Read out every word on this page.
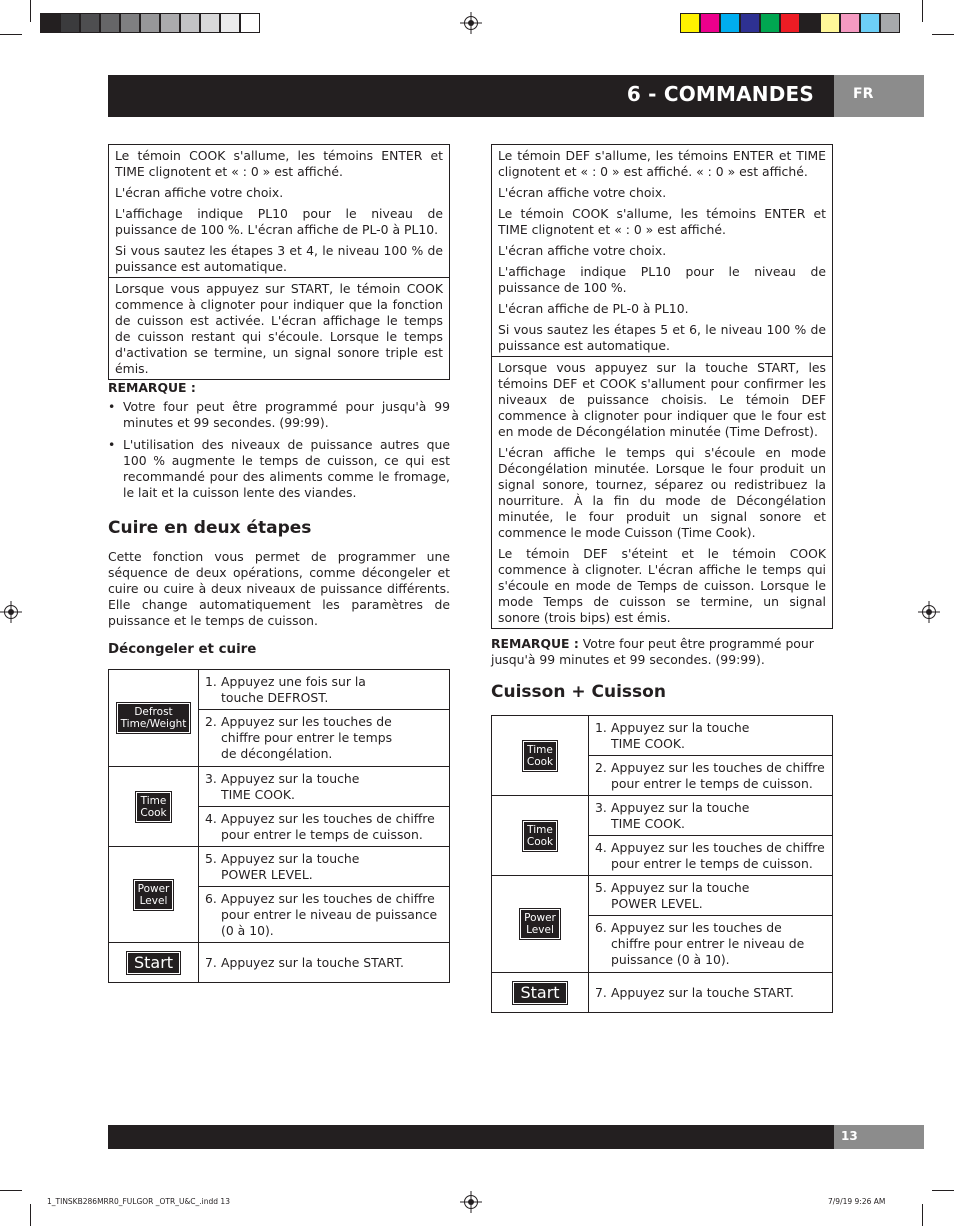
6 - COMMANDES	FR

Le témoin COOK s'allume, les témoins ENTER et TIME clignotent et « : 0 » est affiché.

L'écran affiche votre choix.

L'affichage indique PL10 pour le niveau de puissance de 100 %. L'écran affiche de PL-0 à PL10.

Si vous sautez les étapes 3 et 4, le niveau 100 % de puissance est automatique.

Lorsque vous appuyez sur START, le témoin COOK commence à clignoter pour indiquer que la fonction de cuisson est activée. L'écran affichage le temps de cuisson restant qui s'écoule. Lorsque le temps d'activation se termine, un signal sonore triple est émis.

REMARQUE :
• Votre four peut être programmé pour jusqu'à 99 minutes et 99 secondes. (99:99).
• L'utilisation des niveaux de puissance autres que 100 % augmente le temps de cuisson, ce qui est recommandé pour des aliments comme le fromage, le lait et la cuisson lente des viandes.
Cuire en deux étapes
Cette fonction vous permet de programmer une séquence de deux opérations, comme décongeler et cuire ou cuire à deux niveaux de puissance différents. Elle change automatiquement les paramètres de puissance et le temps de cuisson.
Décongeler et cuire
Defrost
Time/Weight	1. Appuyez une fois sur la touche DEFROST.

	2. Appuyez sur les touches de chiffre pour entrer le temps de décongélation.

Time
Cook	3. Appuyez sur la touche TIME COOK.

	4. Appuyez sur les touches de chiffre pour entrer le temps de cuisson.

Power
Level	5. Appuyez sur la touche POWER LEVEL.

	6. Appuyez sur les touches de chiffre pour entrer le niveau de puissance (0 à 10).

Start	7. Appuyez sur la touche START.

Le témoin DEF s'allume, les témoins ENTER et TIME clignotent et « : 0 » est affiché. « : 0 » est affiché.

L'écran affiche votre choix.

Le témoin COOK s'allume, les témoins ENTER et TIME clignotent et « : 0 » est affiché.

L'écran affiche votre choix.

L'affichage indique PL10 pour le niveau de puissance de 100 %.

L'écran affiche de PL-0 à PL10.

Si vous sautez les étapes 5 et 6, le niveau 100 % de puissance est automatique.

Lorsque vous appuyez sur la touche START, les témoins DEF et COOK s'allument pour confirmer les niveaux de puissance choisis. Le témoin DEF commence à clignoter pour indiquer que le four est en mode de Décongélation minutée (Time Defrost).

L'écran affiche le temps qui s'écoule en mode Décongélation minutée. Lorsque le four produit un signal sonore, tournez, séparez ou redistribuez la nourriture. À la fin du mode de Décongélation minutée, le four produit un signal sonore et commence le mode Cuisson (Time Cook).

Le témoin DEF s'éteint et le témoin COOK commence à clignoter. L'écran affiche le temps qui s'écoule en mode de Temps de cuisson. Lorsque le mode Temps de cuisson se termine, un signal sonore (trois bips) est émis.

REMARQUE : Votre four peut être programmé pour jusqu'à 99 minutes et 99 secondes. (99:99).
Cuisson + Cuisson
Time
Cook	1. Appuyez sur la touche TIME COOK.

	2. Appuyez sur les touches de chiffre pour entrer le temps de cuisson.

Time
Cook	3. Appuyez sur la touche TIME COOK.

	4. Appuyez sur les touches de chiffre pour entrer le temps de cuisson.

Power
Level	5. Appuyez sur la touche POWER LEVEL.

	6. Appuyez sur les touches de chiffre pour entrer le niveau de puissance (0 à 10).

Start	7. Appuyez sur la touche START.
13
1_TINSKB286MRR0_FULGOR _OTR_U&C_.indd 13	7/9/19 9:26 AM
